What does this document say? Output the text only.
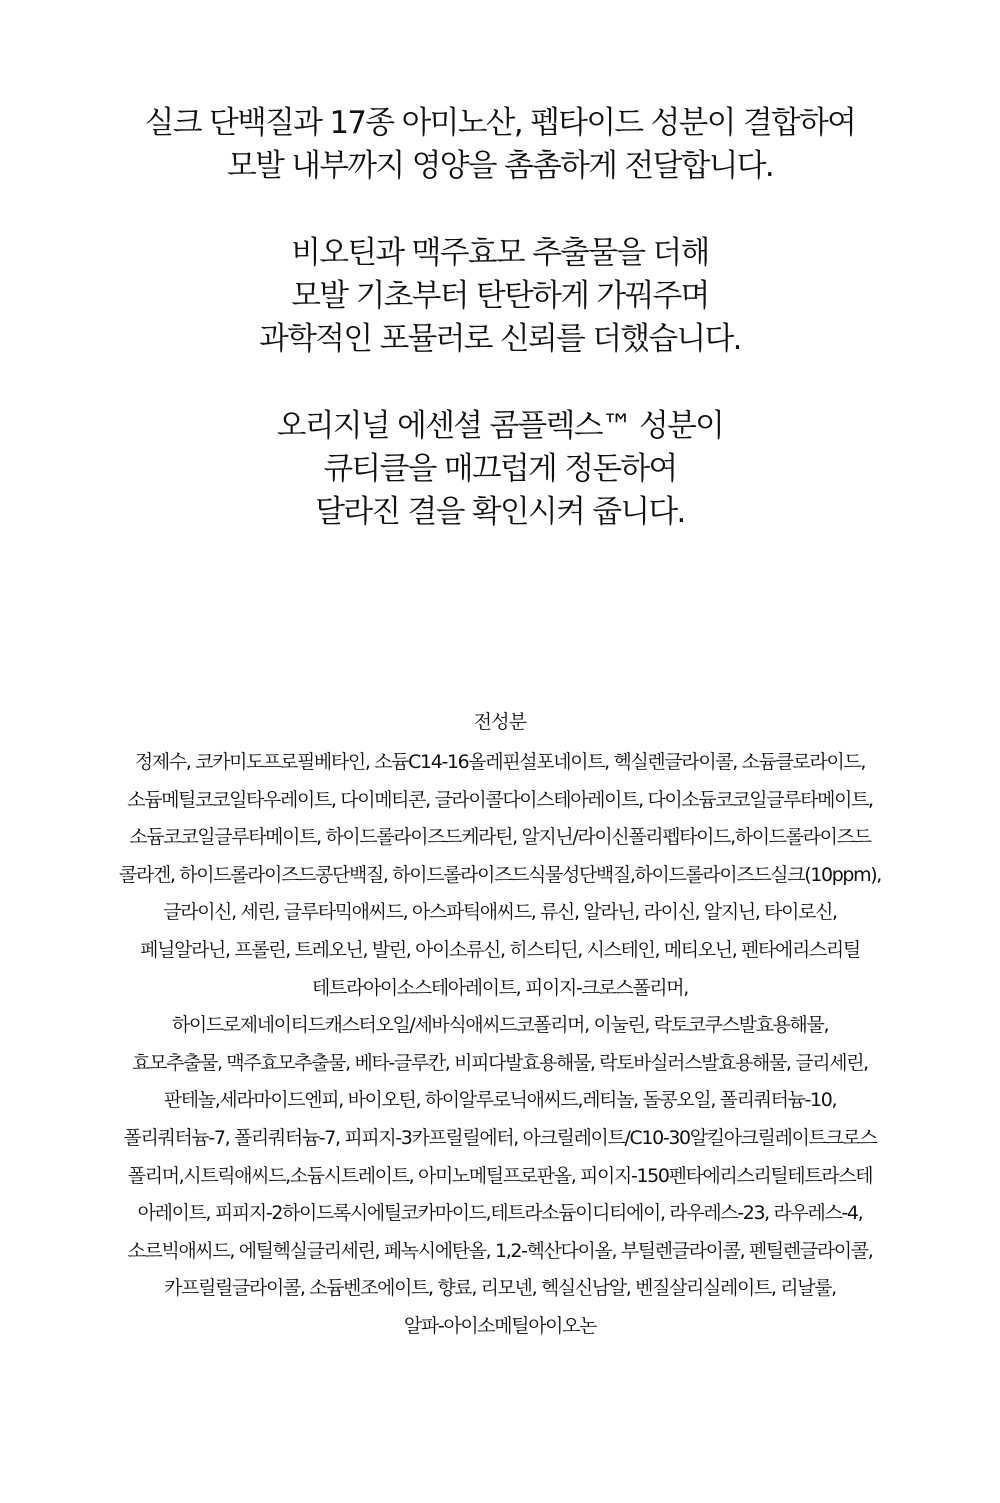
실크 단백질과 17종 아미노산, 펩타이드 성분이 결합하여
모발 내부까지 영양을 촘촘하게 전달합니다.
비오틴과 맥주효모 추출물을 더해
모발 기초부터 탄탄하게 가꿔주며
과학적인 포뮬러로 신뢰를 더했습니다.
오리지널 에센셜 콤플렉스™ 성분이
큐티클을 매끄럽게 정돈하여
달라진 결을 확인시켜 줍니다.
전성분
정제수, 코카미도프로필베타인, 소듐C14-16올레핀설포네이트, 헥실렌글라이콜, 소듐클로라이드,
소듐메틸코코일타우레이트, 다이메티콘, 글라이콜다이스테아레이트, 다이소듐코코일글루타메이트,
소듐코코일글루타메이트, 하이드롤라이즈드케라틴, 알지닌/라이신폴리펩타이드,하이드롤라이즈드
콜라겐, 하이드롤라이즈드콩단백질, 하이드롤라이즈드식물성단백질,하이드롤라이즈드실크(10ppm),
글라이신, 세린, 글루타믹애씨드, 아스파틱애씨드, 류신, 알라닌, 라이신, 알지닌, 타이로신,
페닐알라닌, 프롤린, 트레오닌, 발린, 아이소류신, 히스티딘, 시스테인, 메티오닌, 펜타에리스리틸
테트라아이소스테아레이트, 피이지-크로스폴리머,
하이드로제네이티드캐스터오일/세바식애씨드코폴리머, 이눌린, 락토코쿠스발효용해물,
효모추출물, 맥주효모추출물, 베타-글루칸, 비피다발효용해물, 락토바실러스발효용해물, 글리세린,
판테놀,세라마이드엔피, 바이오틴, 하이알루로닉애씨드,레티놀, 돌콩오일, 폴리쿼터늄-10,
폴리쿼터늄-7, 폴리쿼터늄-7, 피피지-3카프릴릴에터, 아크릴레이트/C10-30알킬아크릴레이트크로스
폴리머,시트릭애씨드,소듐시트레이트, 아미노메틸프로판올, 피이지-150펜타에리스리틸테트라스테
아레이트, 피피지-2하이드록시에틸코카마이드,테트라소듐이디티에이, 라우레스-23, 라우레스-4,
소르빅애씨드, 에틸헥실글리세린, 페녹시에탄올, 1,2-헥산다이올, 부틸렌글라이콜, 펜틸렌글라이콜,
카프릴릴글라이콜, 소듐벤조에이트, 향료, 리모넨, 헥실신남알, 벤질살리실레이트, 리날룰,
알파-아이소메틸아이오논
